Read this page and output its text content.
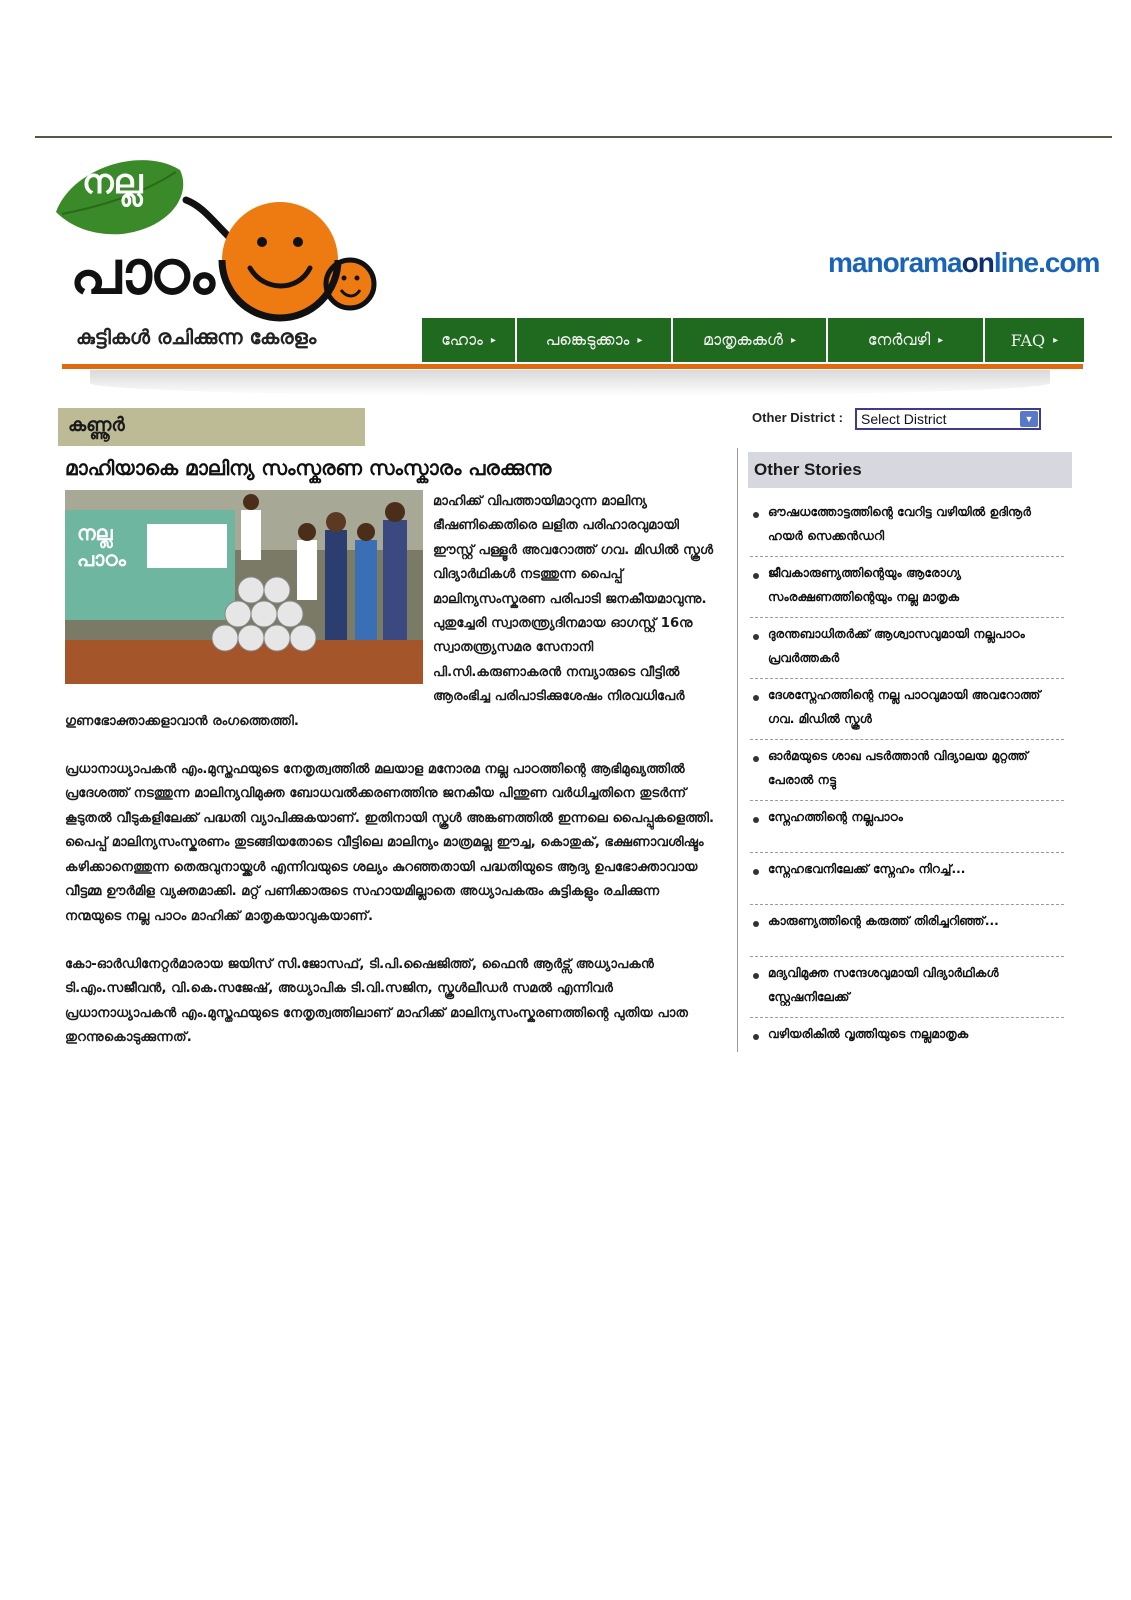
നല്ല
പാഠം
കുട്ടികൾ രചിക്കുന്ന കേരളം
manoramaonline.com
ഹോം ▸	പങ്കെടുക്കാം ▸	മാതൃകകൾ ▸	നേർവഴി ▸	FAQ ▸
കണ്ണൂർ	Other District :	Select District	▼
മാഹിയാകെ മാലിന്യ സംസ്കരണ സംസ്കാരം പരക്കുന്നു
നല്ല പാഠം

മാഹിക്ക് വിപത്തായിമാറുന്ന മാലിന്യ ഭീഷണിക്കെതിരെ ലളിത പരിഹാരവുമായി ഈസ്റ്റ് പള്ളൂർ അവറോത്ത് ഗവ. മിഡിൽ സ്കൂൾ വിദ്യാർഥികൾ നടത്തുന്ന പൈപ്പ് മാലിന്യസംസ്കരണ പരിപാടി ജനകീയമാവുന്നു. പുതുച്ചേരി സ്വാതന്ത്ര്യദിനമായ ഓഗസ്റ്റ് 16നു സ്വാതന്ത്ര്യസമര സേനാനി പി.സി.കരുണാകരൻ നമ്പ്യാരുടെ വീട്ടിൽ ആരംഭിച്ച പരിപാടിക്കുശേഷം നിരവധിപേർ ഗുണഭോക്താക്കളാവാൻ രംഗത്തെത്തി.

പ്രധാനാധ്യാപകൻ എം.മുസ്തഫയുടെ നേതൃത്വത്തിൽ മലയാള മനോരമ നല്ല പാഠത്തിന്റെ ആഭിമുഖ്യത്തിൽ പ്രദേശത്ത് നടത്തുന്ന മാലിന്യവിമുക്ത ബോധവൽക്കരണത്തിനു ജനകീയ പിന്തുണ വർധിച്ചതിനെ തുടർന്ന് കൂടുതൽ വീടുകളിലേക്ക് പദ്ധതി വ്യാപിക്കുകയാണ്. ഇതിനായി സ്കൂൾ അങ്കണത്തിൽ ഇന്നലെ പൈപ്പുകളെത്തി. പൈപ്പ് മാലിന്യസംസ്കരണം തുടങ്ങിയതോടെ വീട്ടിലെ മാലിന്യം മാത്രമല്ല ഈച്ച, കൊതുക്, ഭക്ഷണാവശിഷ്ടം കഴിക്കാനെത്തുന്ന തെരുവുനായ്ക്കൾ എന്നിവയുടെ ശല്യം കുറഞ്ഞതായി പദ്ധതിയുടെ ആദ്യ ഉപഭോക്താവായ വീട്ടമ്മ ഊർമിള വ്യക്തമാക്കി. മറ്റ് പണിക്കാരുടെ സഹായമില്ലാതെ അധ്യാപകരും കുട്ടികളും രചിക്കുന്ന നന്മയുടെ നല്ല പാഠം മാഹിക്ക് മാതൃകയാവുകയാണ്.

കോ-ഓർഡിനേറ്റർമാരായ ജയിസ് സി.ജോസഫ്, ടി.പി.ഷൈജിത്ത്, ഫൈൻ ആർട്സ് അധ്യാപകൻ ടി.എം.സജീവൻ, വി.കെ.സജേഷ്, അധ്യാപിക ടി.വി.സജിന, സ്കൂൾലീഡർ സമൽ എന്നിവർ പ്രധാനാധ്യാപകൻ എം.മുസ്തഫയുടെ നേതൃത്വത്തിലാണ് മാഹിക്ക് മാലിന്യസംസ്കരണത്തിന്റെ പുതിയ പാത തുറന്നുകൊടുക്കുന്നത്.

Other Stories
ഔഷധത്തോട്ടത്തിന്റെ വേറിട്ട വഴിയിൽ ഉദിനൂർ ഹയർ സെക്കൻഡറി
ജീവകാരുണ്യത്തിന്റെയും ആരോഗ്യ സംരക്ഷണത്തിന്റെയും നല്ല മാതൃക
ദുരന്തബാധിതർക്ക് ആശ്വാസവുമായി നല്ലപാഠം പ്രവർത്തകർ
ദേശസ്നേഹത്തിന്റെ നല്ല പാഠവുമായി അവറോത്ത് ഗവ. മിഡിൽ സ്കൂൾ
ഓർമയുടെ ശാഖ പടർത്താൻ വിദ്യാലയ മുറ്റത്ത് പേരാൽ നട്ടു
സ്നേഹത്തിന്റെ നല്ലപാഠം
സ്നേഹഭവനിലേക്ക് സ്നേഹം നിറച്ച്...
കാരുണ്യത്തിന്റെ കരുത്ത് തിരിച്ചറിഞ്ഞ്...
മദ്യവിമുക്ത സന്ദേശവുമായി വിദ്യാർഥികൾ സ്റ്റേഷനിലേക്ക്
വഴിയരികിൽ വൃത്തിയുടെ നല്ലമാതൃക
